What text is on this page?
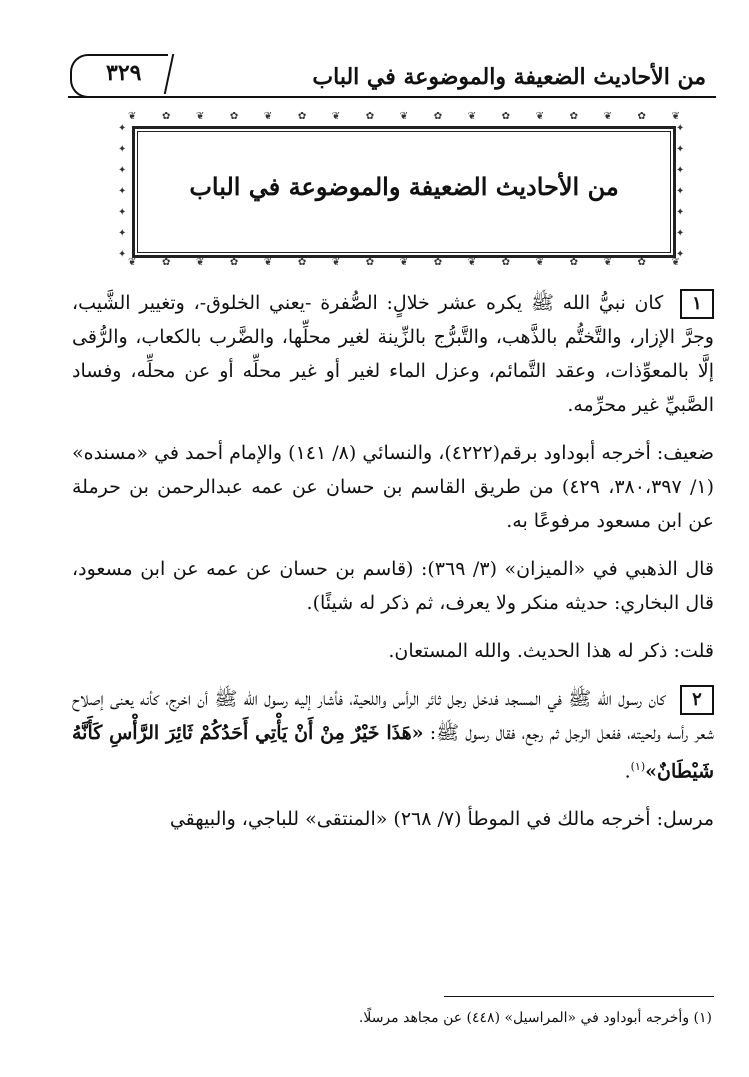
٣٢٩	من الأحاديث الضعيفة والموضوعة في الباب
❦	✿	❦	✿	❦	✿	❦	✿	❦	✿	❦	✿	❦	✿	❦	✿	❦
❦	✿	❦	✿	❦	✿	❦	✿	❦	✿	❦	✿	❦	✿	❦	✿	❦
✦
✦
✦
✦
✦
✦
✦
✦
✦
✦
✦
✦
✦
✦
من الأحاديث الضعيفة والموضوعة في الباب

١ كان نبيُّ الله ﷺ يكره عشر خلالٍ: الصُّفرة -يعني الخلوق-، وتغيير الشَّيب، وجرَّ الإزار، والتَّختُّم بالذَّهب، والتَّبرُّج بالزِّينة لغير محلِّها، والضَّرب بالكعاب، والرُّقى إلَّا بالمعوِّذات، وعقد التَّمائم، وعزل الماء لغير أو غير محلِّه أو عن محلِّه، وفساد الصَّبيِّ غير محرِّمه.

ضعيف: أخرجه أبوداود برقم(٤٢٢٢)، والنسائي (٨/ ١٤١) والإمام أحمد في «مسنده» (١/ ٣٨٠،٣٩٧، ٤٢٩) من طريق القاسم بن حسان عن عمه عبدالرحمن بن حرملة عن ابن مسعود مرفوعًا به.

قال الذهبي في «الميزان» (٣/ ٣٦٩): (قاسم بن حسان عن عمه عن ابن مسعود، قال البخاري: حديثه منكر ولا يعرف، ثم ذكر له شيئًا).

قلت: ذكر له هذا الحديث. والله المستعان.

٢ كان رسول الله ﷺ في المسجد فدخل رجل ثائر الرأس واللحية، فأشار إليه رسول الله ﷺ أن اخرج، كأنه يعنى إصلاح شعر رأسه ولحيته، ففعل الرجل ثم رجع، فقال رسول ﷺ: «هَذَا خَيْرٌ مِنْ أَنْ يَأْتِي أَحَدُكُمْ ثَائِرَ الرَّأْسِ كَأَنَّهُ شَيْطَانٌ»$^{(١)}$.

مرسل: أخرجه مالك في الموطأ (٧/ ٢٦٨) «المنتقى» للباجي، والبيهقي

(١) وأخرجه أبوداود في «المراسيل» (٤٤٨) عن مجاهد مرسلًا.
